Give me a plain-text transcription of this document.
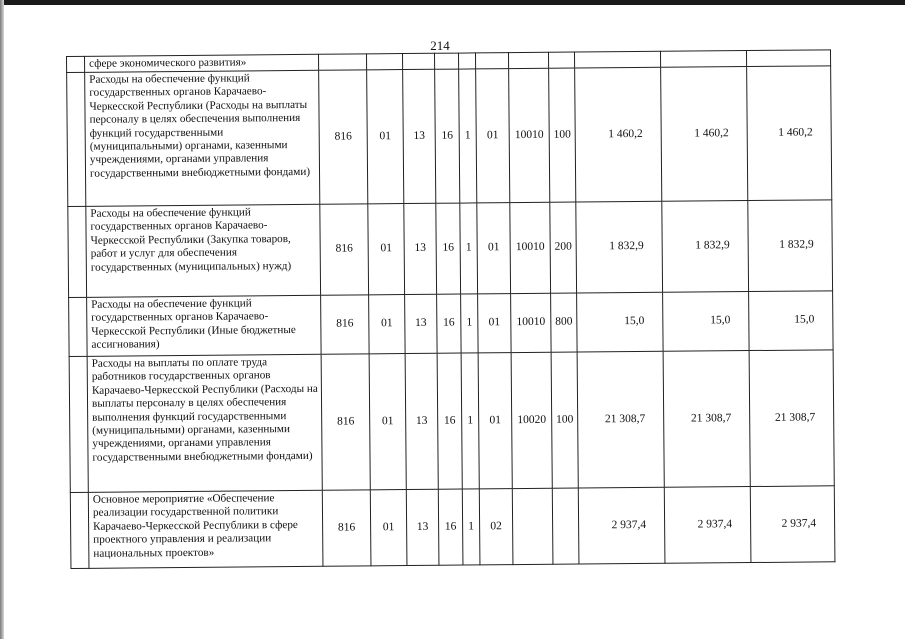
214
	сфере экономического развития»											
	Расходы на обеспечение функций государственных органов Карачаево-Черкесской Республики (Расходы на выплаты персоналу в целях обеспечения выполнения функций государственными (муниципальными) органами, казенными учреждениями, органами управления государственными внебюджетными фондами)	816	01	13	16	1	01	10010	100	1 460,2	1 460,2	1 460,2
	Расходы на обеспечение функций государственных органов Карачаево-Черкесской Республики (Закупка товаров, работ и услуг для обеспечения государственных (муниципальных) нужд)	816	01	13	16	1	01	10010	200	1 832,9	1 832,9	1 832,9
	Расходы на обеспечение функций государственных органов Карачаево-Черкесской Республики (Иные бюджетные ассигнования)	816	01	13	16	1	01	10010	800	15,0	15,0	15,0
	Расходы на выплаты по оплате труда работников государственных органов Карачаево-Черкесской Республики (Расходы на выплаты персоналу в целях обеспечения выполнения функций государственными (муниципальными) органами, казенными учреждениями, органами управления государственными внебюджетными фондами)	816	01	13	16	1	01	10020	100	21 308,7	21 308,7	21 308,7
	Основное мероприятие «Обеспечение реализации государственной политики Карачаево-Черкесской Республики в сфере проектного управления и реализации национальных проектов»	816	01	13	16	1	02			2 937,4	2 937,4	2 937,4
